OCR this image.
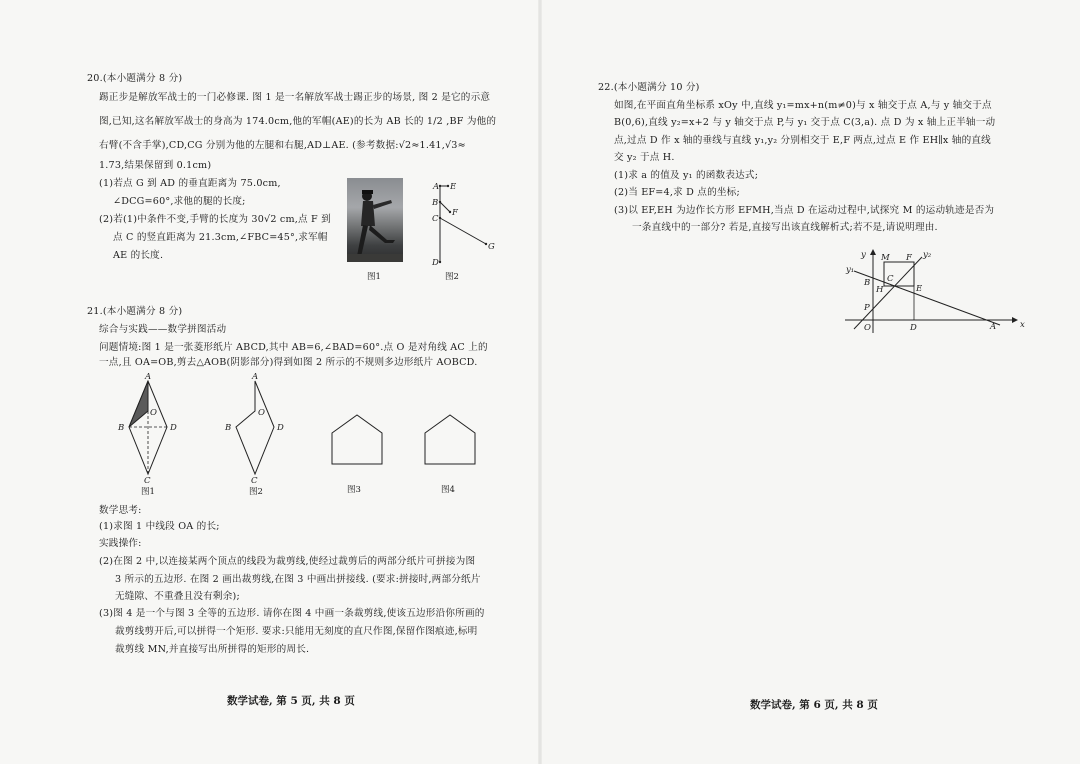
20.(本小题满分 8 分)
踢正步是解放军战士的一门必修课. 图 1 是一名解放军战士踢正步的场景, 图 2 是它的示意
图,已知,这名解放军战士的身高为 174.0cm,他的军帽(AE)的长为 AB 长的 1/2 ,BF 为他的
右臂(不含手掌),CD,CG 分别为他的左腿和右腿,AD⊥AE. (参考数据:√2≈1.41,√3≈
1.73,结果保留到 0.1cm)
(1)若点 G 到 AD 的垂直距离为 75.0cm,
∠DCG=60°,求他的腿的长度;
(2)若(1)中条件不变,手臂的长度为 30√2 cm,点 F 到
点 C 的竖直距离为 21.3cm,∠FBC=45°,求军帽
AE 的长度.
图1
A E
B
F
C
G
D
图2
21.(本小题满分 8 分)
综合与实践——数学拼图活动
问题情境:图 1 是一张菱形纸片 ABCD,其中 AB=6,∠BAD=60°.点 O 是对角线 AC 上的
一点,且 OA=OB,剪去△AOB(阴影部分)得到如图 2 所示的不规则多边形纸片 AOBCD.
A
O
B	D
C
A
O
B	D
C
图1	图2	图3	图4
数学思考:
(1)求图 1 中线段 OA 的长;
实践操作:
(2)在图 2 中,以连接某两个顶点的线段为裁剪线,使经过裁剪后的两部分纸片可拼接为图
3 所示的五边形. 在图 2 画出裁剪线,在图 3 中画出拼接线. (要求:拼接时,两部分纸片
无缝隙、不重叠且没有剩余);
(3)图 4 是一个与图 3 全等的五边形. 请你在图 4 中画一条裁剪线,使该五边形沿你所画的
裁剪线剪开后,可以拼得一个矩形. 要求:只能用无刻度的直尺作图,保留作图痕迹,标明
裁剪线 MN,并直接写出所拼得的矩形的周长.
数学试卷, 第 5 页, 共 8 页
22.(本小题满分 10 分)
如图,在平面直角坐标系 xOy 中,直线 y₁=mx+n(m≠0)与 x 轴交于点 A,与 y 轴交于点
B(0,6),直线 y₂=x+2 与 y 轴交于点 P,与 y₁ 交于点 C(3,a). 点 D 为 x 轴上正半轴一动
点,过点 D 作 x 轴的垂线与直线 y₁,y₂ 分别相交于 E,F 两点,过点 E 作 EH∥x 轴的直线
交 y₂ 于点 H.
(1)求 a 的值及 y₁ 的函数表达式;
(2)当 EF=4,求 D 点的坐标;
(3)以 EF,EH 为边作长方形 EFMH,当点 D 在运动过程中,试探究 M 的运动轨迹是否为
一条直线中的一部分? 若是,直接写出该直线解析式;若不是,请说明理由.
y	y₂
M F
y₁
B C
H	E
P
O	D	A	x
数学试卷, 第 6 页, 共 8 页
